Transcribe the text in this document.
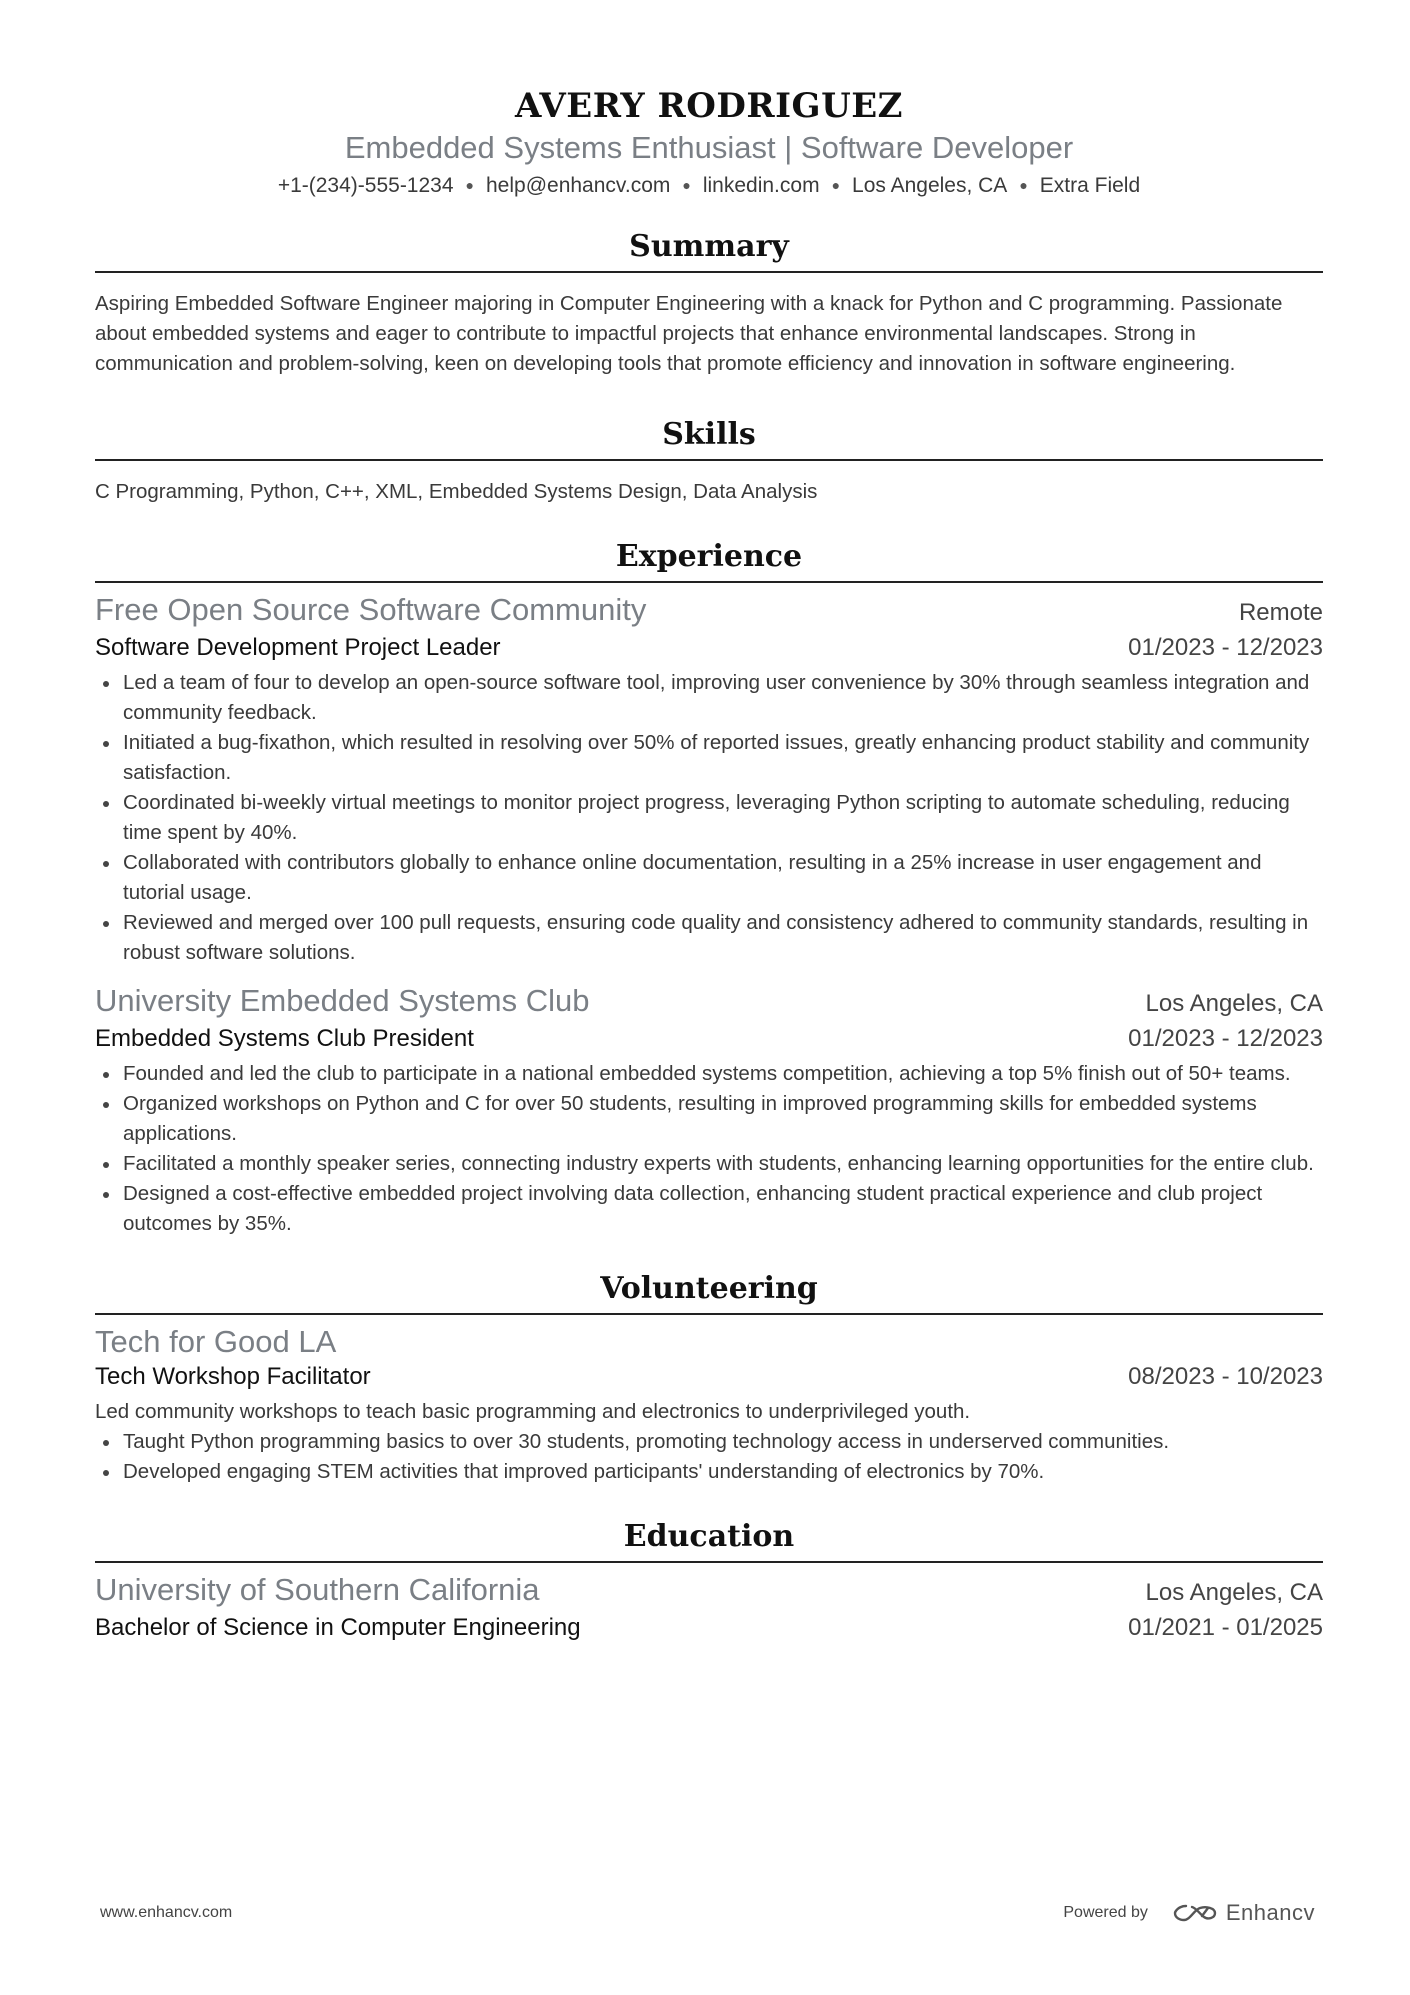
AVERY RODRIGUEZ
Embedded Systems Enthusiast | Software Developer
+1-(234)-555-1234 ● help@enhancv.com ● linkedin.com ● Los Angeles, CA ● Extra Field
Summary

Aspiring Embedded Software Engineer majoring in Computer Engineering with a knack for Python and C programming. Passionate about embedded systems and eager to contribute to impactful projects that enhance environmental landscapes. Strong in communication and problem-solving, keen on developing tools that promote efficiency and innovation in software engineering.

Skills

C Programming, Python, C++, XML, Embedded Systems Design, Data Analysis

Experience
Free Open Source Software Community	Remote
Software Development Project Leader	01/2023 - 12/2023
Led a team of four to develop an open-source software tool, improving user convenience by 30% through seamless integration and community feedback.
Initiated a bug-fixathon, which resulted in resolving over 50% of reported issues, greatly enhancing product stability and community satisfaction.
Coordinated bi-weekly virtual meetings to monitor project progress, leveraging Python scripting to automate scheduling, reducing time spent by 40%.
Collaborated with contributors globally to enhance online documentation, resulting in a 25% increase in user engagement and tutorial usage.
Reviewed and merged over 100 pull requests, ensuring code quality and consistency adhered to community standards, resulting in robust software solutions.
University Embedded Systems Club	Los Angeles, CA
Embedded Systems Club President	01/2023 - 12/2023
Founded and led the club to participate in a national embedded systems competition, achieving a top 5% finish out of 50+ teams.
Organized workshops on Python and C for over 50 students, resulting in improved programming skills for embedded systems applications.
Facilitated a monthly speaker series, connecting industry experts with students, enhancing learning opportunities for the entire club.
Designed a cost-effective embedded project involving data collection, enhancing student practical experience and club project outcomes by 35%.
Volunteering
Tech for Good LA
Tech Workshop Facilitator	08/2023 - 10/2023

Led community workshops to teach basic programming and electronics to underprivileged youth.

Taught Python programming basics to over 30 students, promoting technology access in underserved communities.
Developed engaging STEM activities that improved participants' understanding of electronics by 70%.
Education
University of Southern California	Los Angeles, CA
Bachelor of Science in Computer Engineering	01/2021 - 01/2025
www.enhancv.com	Powered by	Enhancv
